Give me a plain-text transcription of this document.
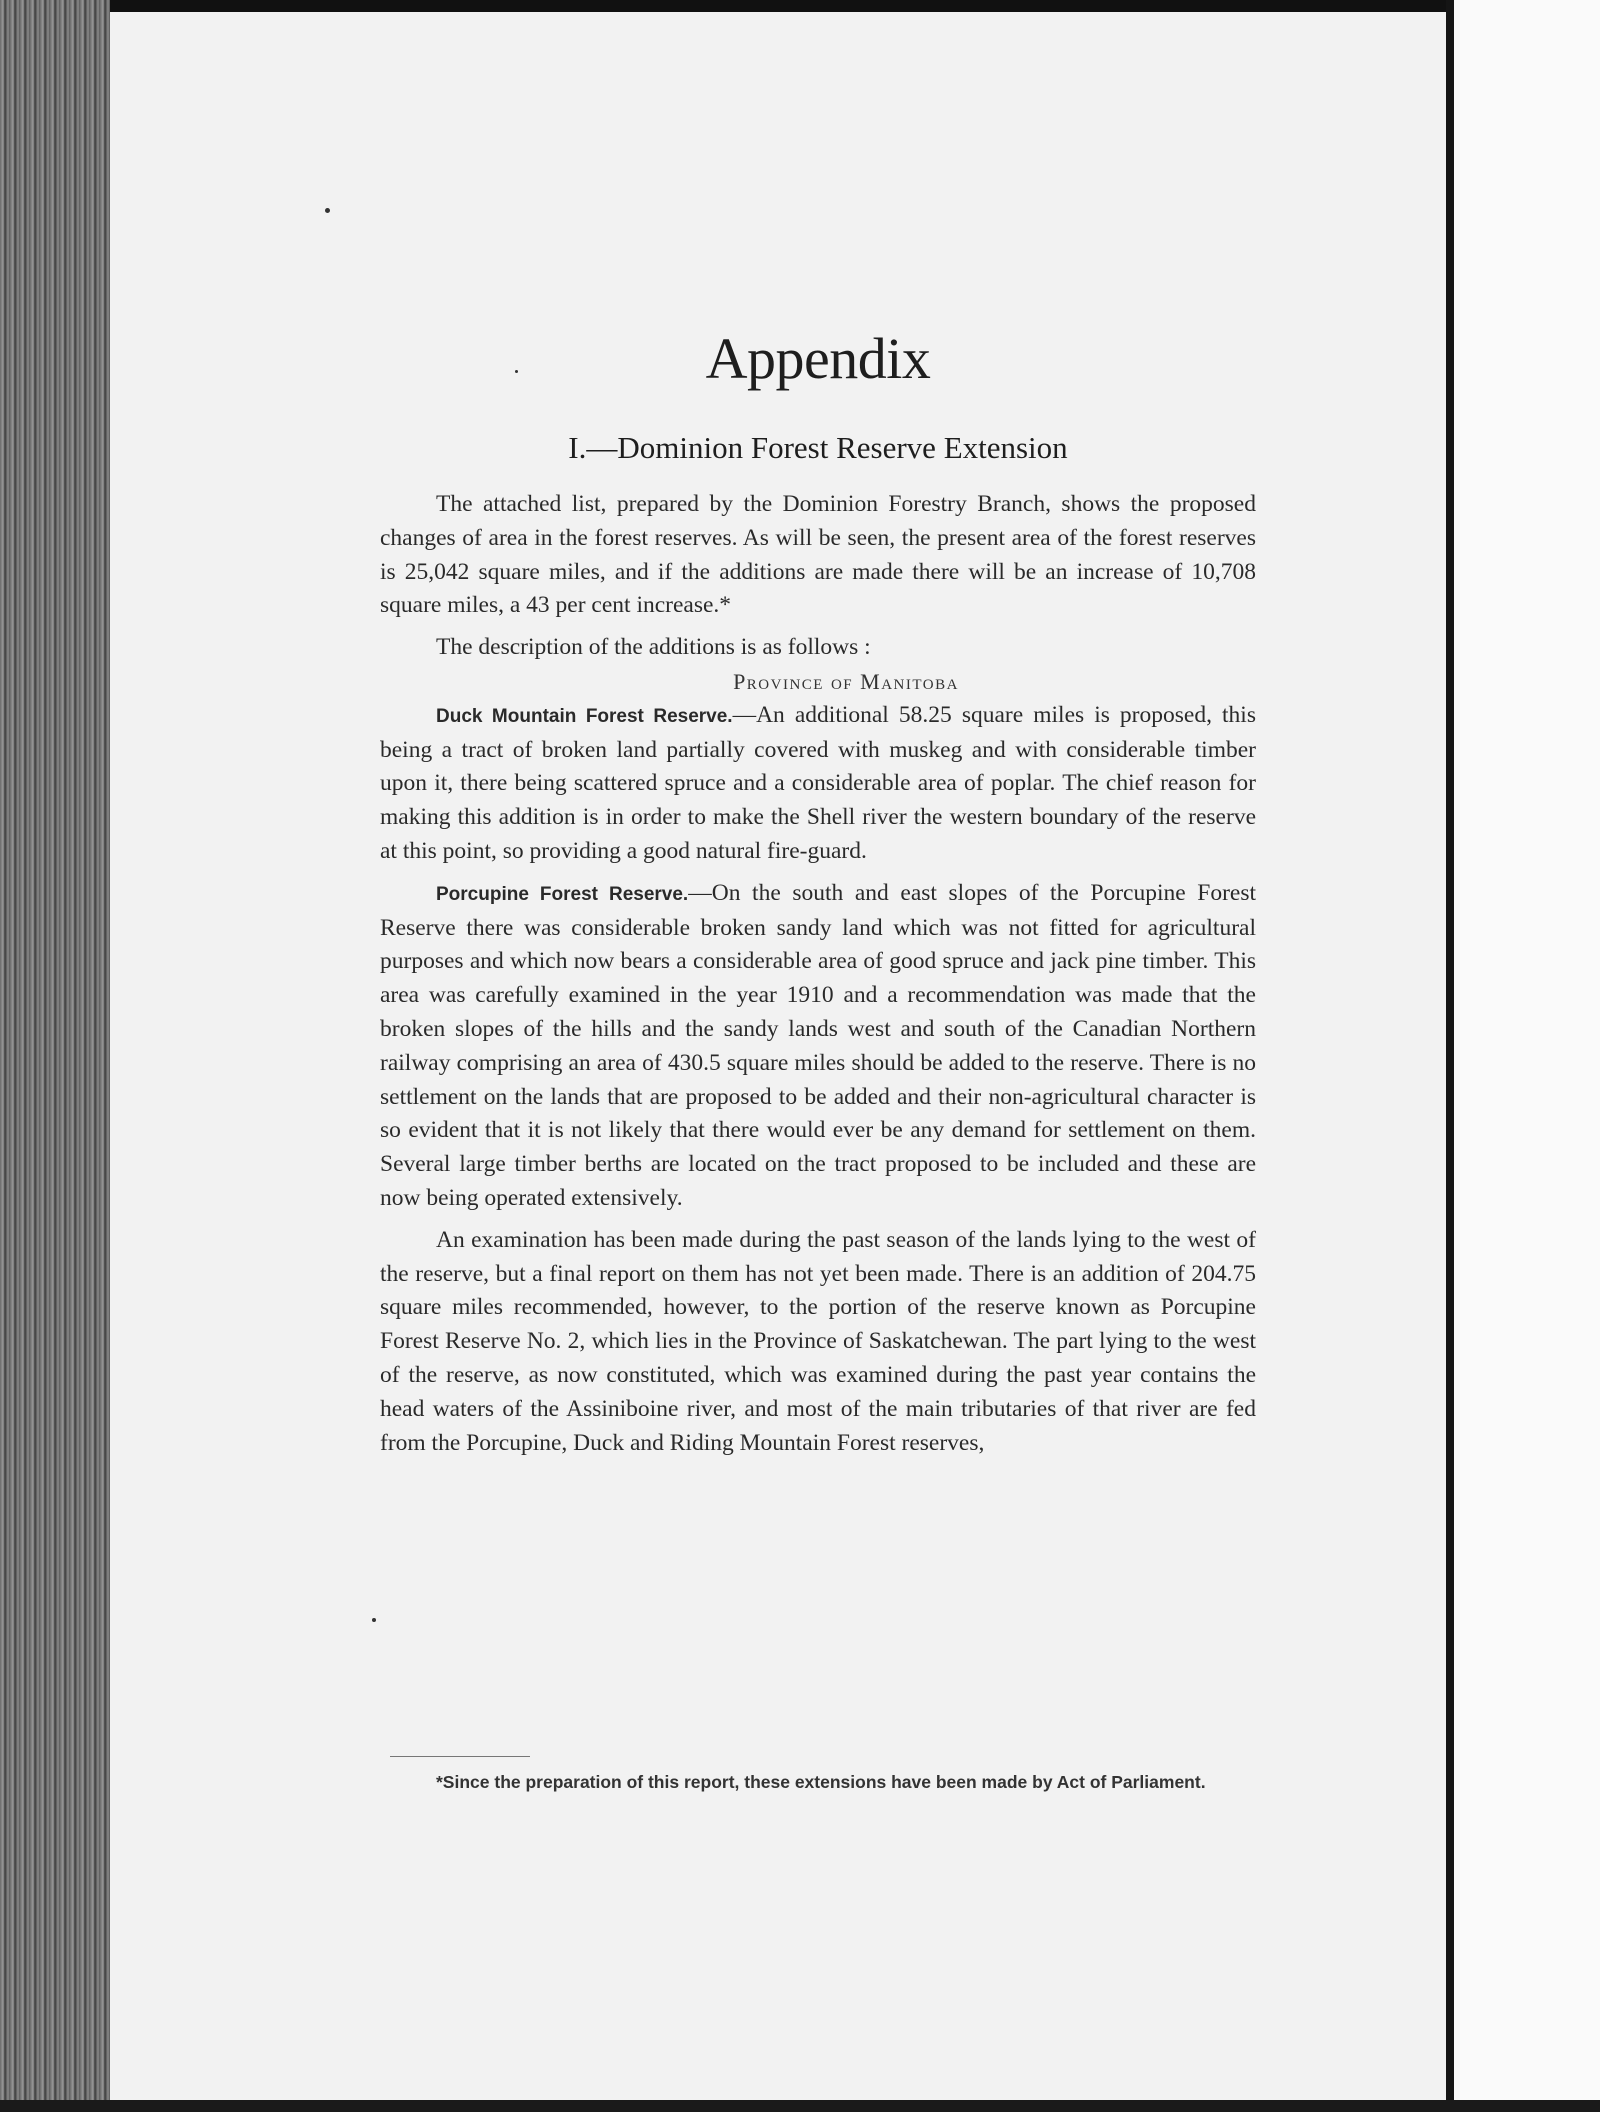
Appendix
I.—Dominion Forest Reserve Extension

The attached list, prepared by the Dominion Forestry Branch, shows the proposed changes of area in the forest reserves. As will be seen, the present area of the forest reserves is 25,042 square miles, and if the additions are made there will be an increase of 10,708 square miles, a 43 per cent increase.*

The description of the additions is as follows :

Province of Manitoba

Duck Mountain Forest Reserve.—An additional 58.25 square miles is proposed, this being a tract of broken land partially covered with muskeg and with considerable timber upon it, there being scattered spruce and a considerable area of poplar. The chief reason for making this addition is in order to make the Shell river the western boundary of the reserve at this point, so providing a good natural fire-guard.

Porcupine Forest Reserve.—On the south and east slopes of the Porcupine Forest Reserve there was considerable broken sandy land which was not fitted for agricultural purposes and which now bears a considerable area of good spruce and jack pine timber. This area was carefully examined in the year 1910 and a recommendation was made that the broken slopes of the hills and the sandy lands west and south of the Canadian Northern railway comprising an area of 430.5 square miles should be added to the reserve. There is no settlement on the lands that are proposed to be added and their non-agricultural character is so evident that it is not likely that there would ever be any demand for settlement on them. Several large timber berths are located on the tract proposed to be included and these are now being operated extensively.

An examination has been made during the past season of the lands lying to the west of the reserve, but a final report on them has not yet been made. There is an addition of 204.75 square miles recommended, however, to the portion of the reserve known as Porcupine Forest Reserve No. 2, which lies in the Province of Saskatchewan. The part lying to the west of the reserve, as now constituted, which was examined during the past year contains the head waters of the Assiniboine river, and most of the main tributaries of that river are fed from the Porcupine, Duck and Riding Mountain Forest reserves,

*Since the preparation of this report, these extensions have been made by Act of Parliament.
